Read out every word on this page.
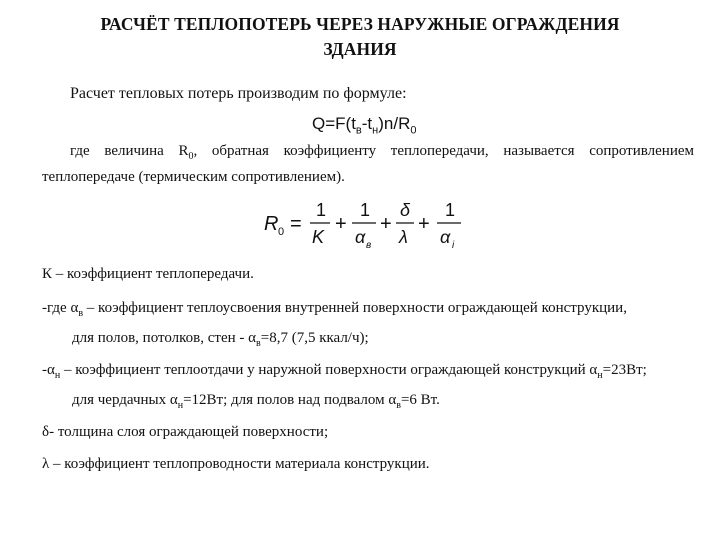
РАСЧЁТ ТЕПЛОПОТЕРЬ ЧЕРЕЗ НАРУЖНЫЕ ОГРАЖДЕНИЯ
ЗДАНИЯ
Расчет тепловых потерь производим по формуле:
$Q=F(t_в-t_н)n/R_0$
где величина $R_0$, обратная коэффициенту теплопередачи, называется сопротивлением теплопередаче (термическим сопротивлением).
R 0 =
1
K
+
1
α в
+
δ
λ
+
1
α i
К – коэффициент теплопередачи.
-где $\alpha_в$ – коэффициент теплоусвоения внутренней поверхности ограждающей конструкции,
для полов, потолков, стен - $\alpha_в=8,7$ (7,5 ккал/ч);
$-\alpha_н$ – коэффициент теплоотдачи у наружной поверхности ограждающей конструкций $\alpha_н=23Вт$;
для чердачных $\alpha_н=12Вт$; для полов над подвалом $\alpha_в=6$ Вт.
δ- толщина слоя ограждающей поверхности;
λ – коэффициент теплопроводности материала конструкции.
